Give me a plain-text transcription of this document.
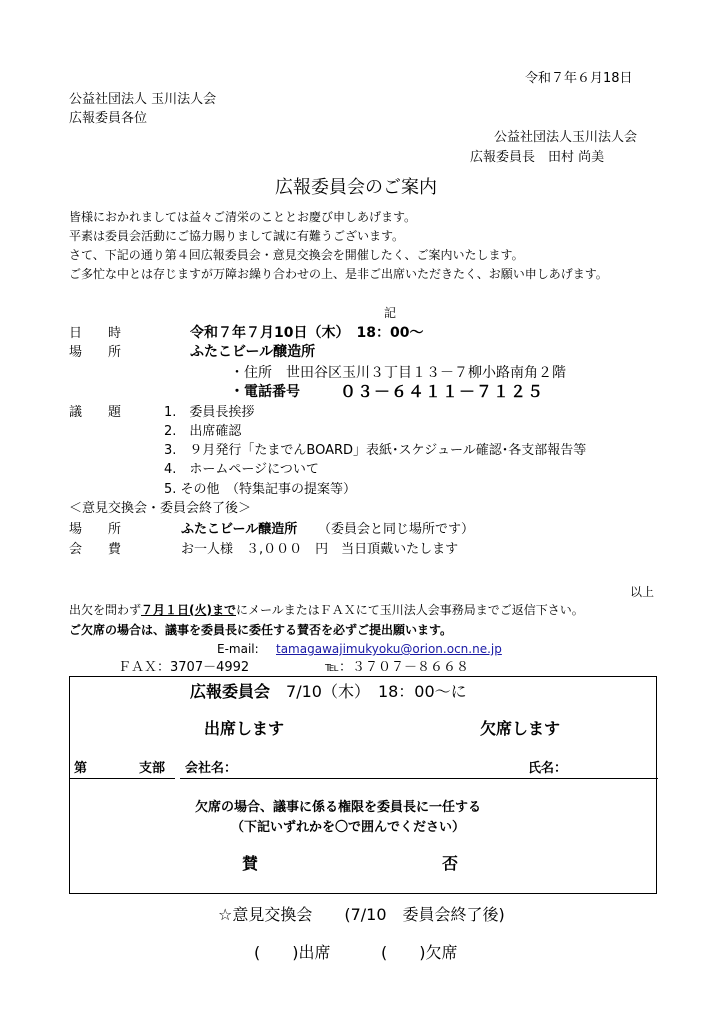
令和７年６月18日
公益社団法人 玉川法人会
広報委員各位
公益社団法人玉川法人会
広報委員長　田村 尚美
広報委員会のご案内
皆様におかれましては益々ご清栄のこととお慶び申しあげます。
平素は委員会活動にご協力賜りまして誠に有難うございます。
さて、下記の通り第４回広報委員会・意見交換会を開催したく、ご案内いたします。
ご多忙な中とは存じますが万障お繰り合わせの上、是非ご出席いただきたく、お願い申しあげます。
記
日　　時	令和７年７月10日（木）　18：00～
場　　所	ふたこビール醸造所
・住所　世田谷区玉川３丁目１３－７柳小路南角２階
・電話番号	０３－６４１１－７１２５
議　　題	1.　委員長挨拶
2.　出席確認
3.　９月発行「たまでんBOARD」表紙･スケジュール確認･各支部報告等
4.　ホームページについて
5. その他　（特集記事の提案等）
＜意見交換会・委員会終了後＞
場　　所	ふたこビール醸造所 （委員会と同じ場所です）
会　　費	お一人様　３,０００　円　当日頂戴いたします
以上
出欠を問わず７月１日(火)までにメールまたはＦＡＸにて玉川法人会事務局までご返信下さい。
ご欠席の場合は、議事を委員長に委任する賛否を必ずご提出願います。
E-mail: tamagawajimukyoku@orion.ocn.ne.jp
ＦＡＸ：3707－4992	℡：３７０７－８６６８
広報委員会 7/10（木）　18：00～に
出席します	欠席します
第	支部 会社名：	氏名：
欠席の場合、議事に係る権限を委員長に一任する
（下記いずれかを〇で囲んでください）
賛	否
☆意見交換会　　(7/10　委員会終了後)
(　　)出席	(　　)欠席
